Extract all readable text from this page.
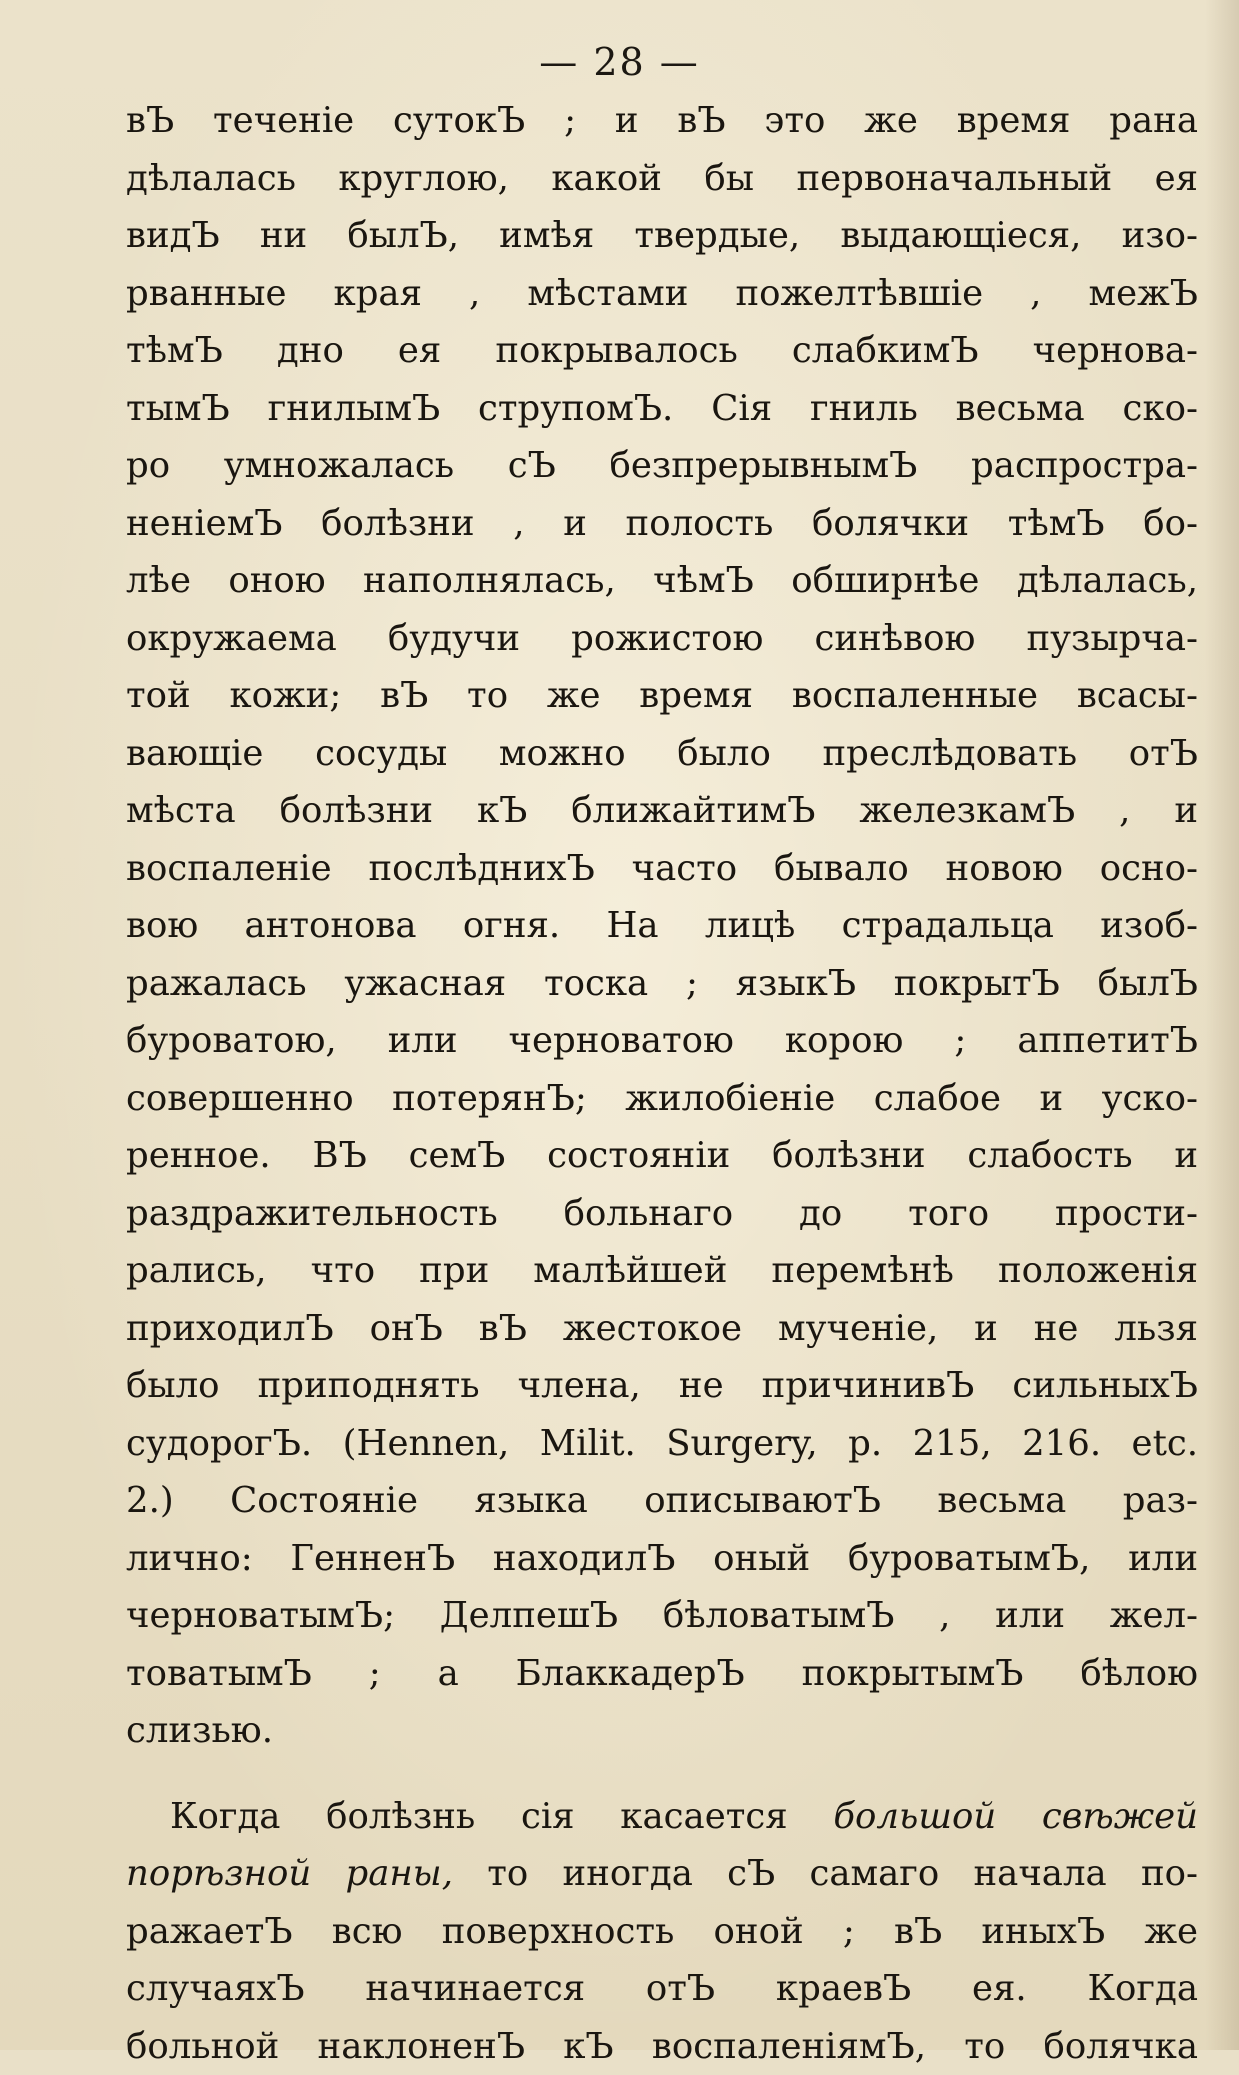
— 28 —
вЪ теченіе сутокЪ ; и вЪ это же время рана
дѣлалась круглою, какой бы первоначальный ея
видЪ ни былЪ, имѣя твердые, выдающіеся, изо-
рванные края , мѣстами пожелтѣвшіе , межЪ
тѣмЪ дно ея покрывалось слабкимЪ чернова-
тымЪ гнилымЪ струпомЪ. Сія гниль весьма ско-
ро умножалась сЪ безпрерывнымЪ распростра-
неніемЪ болѣзни , и полость болячки тѣмЪ бо-
лѣе оною наполнялась, чѣмЪ обширнѣе дѣлалась,
окружаема будучи рожистою синѣвою пузырча-
той кожи; вЪ то же время воспаленные всасы-
вающіе сосуды можно было преслѣдовать отЪ
мѣста болѣзни кЪ ближайтимЪ железкамЪ , и
воспаленіе послѣднихЪ часто бывало новою осно-
вою антонова огня. На лицѣ страдальца изоб-
ражалась ужасная тоска ; языкЪ покрытЪ былЪ
буроватою, или черноватою корою ; аппетитЪ
совершенно потерянЪ; жилобіеніе слабое и уско-
ренное. ВЪ семЪ состояніи болѣзни слабость и
раздражительность больнаго до того прости-
рались, что при малѣйшей перемѣнѣ положенія
приходилЪ онЪ вЪ жестокое мученіе, и не льзя
было приподнять члена, не причинивЪ сильныхЪ
судорогЪ. (Hennen, Milit. Surgery, p. 215, 216. etc.
2.) Состояніе языка описываютЪ весьма раз-
лично: ГенненЪ находилЪ оный буроватымЪ, или
черноватымЪ; ДелпешЪ бѣловатымЪ , или жел-
товатымЪ ; а БлаккадерЪ покрытымЪ бѣлою
слизью.
Когда болѣзнь сія касается большой свѣжей
порѣзной раны, то иногда сЪ самаго начала по-
ражаетЪ всю поверхность оной ; вЪ иныхЪ же
случаяхЪ начинается отЪ краевЪ ея. Когда
больной наклоненЪ кЪ воспаленіямЪ, то болячка
